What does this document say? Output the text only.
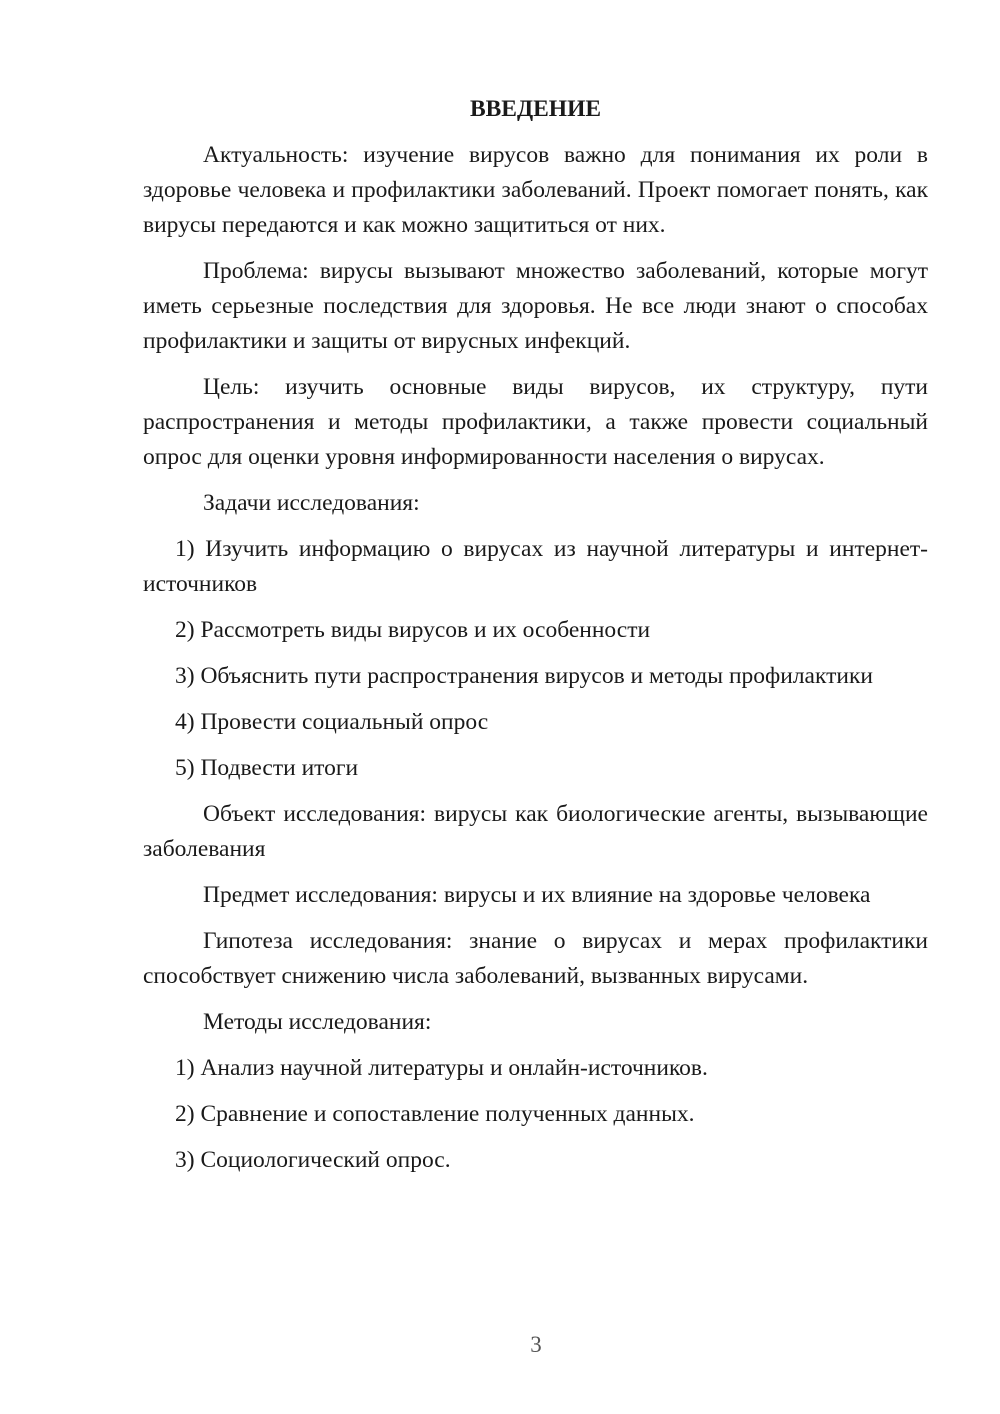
ВВЕДЕНИЕ

Актуальность: изучение вирусов важно для понимания их роли в здоровье человека и профилактики заболеваний. Проект помогает понять, как вирусы передаются и как можно защититься от них.

Проблема: вирусы вызывают множество заболеваний, которые могут иметь серьезные последствия для здоровья. Не все люди знают о способах профилактики и защиты от вирусных инфекций.

Цель: изучить основные виды вирусов, их структуру, пути распространения и методы профилактики, а также провести социальный опрос для оценки уровня информированности населения о вирусах.

Задачи исследования:

1) Изучить информацию о вирусах из научной литературы и интернет-источников

2) Рассмотреть виды вирусов и их особенности

3) Объяснить пути распространения вирусов и методы профилактики

4) Провести социальный опрос

5) Подвести итоги

Объект исследования: вирусы как биологические агенты, вызывающие заболевания

Предмет исследования: вирусы и их влияние на здоровье человека

Гипотеза исследования: знание о вирусах и мерах профилактики способствует снижению числа заболеваний, вызванных вирусами.

Методы исследования:

1) Анализ научной литературы и онлайн-источников.

2) Сравнение и сопоставление полученных данных.

3) Социологический опрос.

3
